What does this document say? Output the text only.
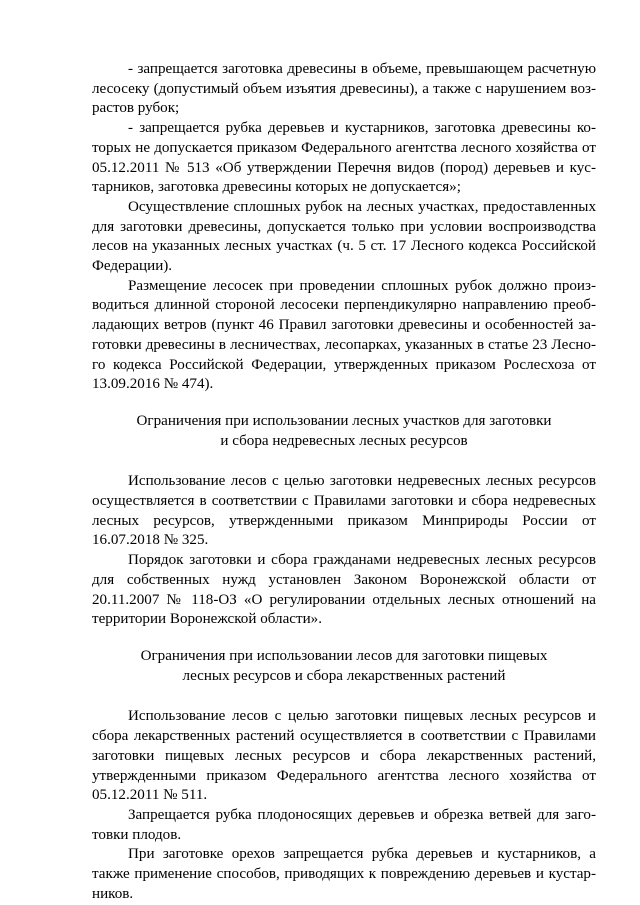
- запрещается заготовка древесины в объеме, превышающем расчетную лесосеку (допустимый объем изъятия древесины), а также с нарушением возрастов рубок;

- запрещается рубка деревьев и кустарников, заготовка древесины которых не допускается приказом Федерального агентства лесного хозяйства от 05.12.2011 № 513 «Об утверждении Перечня видов (пород) деревьев и кустарников, заготовка древесины которых не допускается»;

Осуществление сплошных рубок на лесных участках, предоставленных для заготовки древесины, допускается только при условии воспроизводства лесов на указанных лесных участках (ч. 5 ст. 17 Лесного кодекса Российской Федерации).

Размещение лесосек при проведении сплошных рубок должно производиться длинной стороной лесосеки перпендикулярно направлению преобладающих ветров (пункт 46 Правил заготовки древесины и особенностей заготовки древесины в лесничествах, лесопарках, указанных в статье 23 Лесного кодекса Российской Федерации, утвержденных приказом Рослесхоза от 13.09.2016 № 474).

Ограничения при использовании лесных участков для заготовки

и сбора недревесных лесных ресурсов

Использование лесов с целью заготовки недревесных лесных ресурсов осуществляется в соответствии с Правилами заготовки и сбора недревесных лесных ресурсов, утвержденными приказом Минприроды России от 16.07.2018 № 325.

Порядок заготовки и сбора гражданами недревесных лесных ресурсов для собственных нужд установлен Законом Воронежской области от 20.11.2007 № 118-ОЗ «О регулировании отдельных лесных отношений на территории Воронежской области».

Ограничения при использовании лесов для заготовки пищевых

лесных ресурсов и сбора лекарственных растений

Использование лесов с целью заготовки пищевых лесных ресурсов и сбора лекарственных растений осуществляется в соответствии с Правилами заготовки пищевых лесных ресурсов и сбора лекарственных растений, утвержденными приказом Федерального агентства лесного хозяйства от 05.12.2011 № 511.

Запрещается рубка плодоносящих деревьев и обрезка ветвей для заготовки плодов.

При заготовке орехов запрещается рубка деревьев и кустарников, а также применение способов, приводящих к повреждению деревьев и кустарников.
